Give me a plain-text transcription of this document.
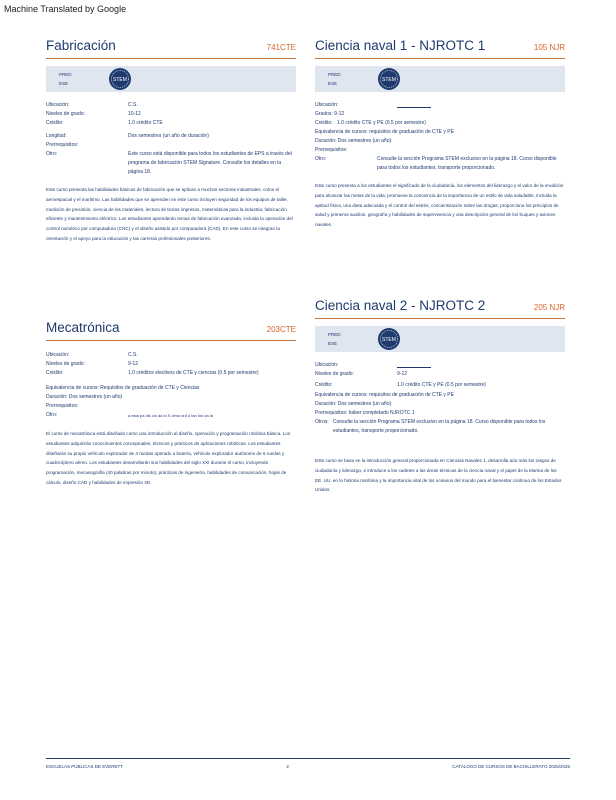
Machine Translated by Google
Fabricación	741CTE
PRED
ESE
STEM
Ubicación:	C.S.
Niveles de grado:	10-12
Crédito:	1.0 crédito CTE
Longitud:	Dos semestres (un año de duración)
Prerrequisitos:
Otro:	Este curso está disponible para todos los estudiantes de EPS a través del programa de fabricación STEM Signature. Consulte los detalles en la página 18.
Este curso presenta las habilidades básicas de fabricación que se aplican a muchos sectores industriales, como el aeroespacial y el marítimo. Las habilidades que se aprenden en este curso incluyen seguridad de los equipos de taller, medición de precisión, ciencia de los materiales, lectura de textos impresos, matemáticas para la industria, fabricación eficiente y mantenimiento eléctrico. Los estudiantes aprenderán temas de fabricación avanzada, incluida la operación del control numérico por computadora (CNC) y el diseño asistido por computadora (CAD). En este curso se integran la orientación y el apoyo para la educación y las carreras profesionales posteriores.
Mecatrónica	203CTE
Ubicación:	C.S.
Niveles de grado:	9-12
Crédito:	1.0 créditos electivos de CTE y ciencias (0.5 por semestre)
Equivalencia de cursos: Requisitos de graduación de CTE y Ciencias
Duración: Dos semestres (un año)
Prerrequisitos:
Otro:	a esta pa dis ció da lo S ximo ord ó lan ión da la
El curso de mecatrónica está diseñado como una introducción al diseño, operación y programación robótica básica. Los estudiantes adquirirán conocimientos conceptuales, técnicos y prácticos de aplicaciones robóticas. Los estudiantes diseñarán su propio vehículo explorador de 4 ruedas operado a batería, vehículo explorador autónomo de 6 ruedas y cuadricóptero aéreo. Los estudiantes desarrollarán sus habilidades del siglo XXI durante el curso, incluyendo programación, mecanografía (40 palabras por minuto), prácticas de ingeniería, habilidades de comunicación, hojas de cálculo, diseño CAD y habilidades de impresión 3D.
Ciencia naval 1 - NJROTC 1	105 NJR
PRED
ESE
STEM
Ubicación:
Grados: 9-12
Crédito: 1.0 crédito CTE y PE (0.5 por semestre)
Equivalencia de cursos: requisitos de graduación de CTE y PE
Duración: Dos semestres (un año)
Prerrequisitos:
Otro:	Consulte la sección Programa STEM exclusivo en la página 18. Curso disponible para todos los estudiantes, transporte proporcionado.
Este curso presenta a los estudiantes el significado de la ciudadanía, los elementos del liderazgo y el valor de la erudición para alcanzar las metas de la vida; promueve la conciencia de la importancia de un estilo de vida saludable, incluida la aptitud física, una dieta adecuada y el control del estrés, concientización sobre las drogas; proporciona los principios de salud y primeros auxilios, geografía y habilidades de supervivencia y una descripción general de los buques y aviones navales.
Ciencia naval 2 - NJROTC 2	205 NJR
PRED
ESE
STEM
Ubicación:
Niveles de grado:	9-12
Crédito:	1.0 crédito CTE y PE (0.5 por semestre)
Equivalencia de cursos: requisitos de graduación de CTE y PE
Duración: Dos semestres (un año)
Prerrequisitos: haber completado NJROTC 1
Otros: Consulte la sección Programa STEM exclusivo en la página 18. Curso disponible para todos los estudiantes, transporte proporcionado.
Este curso se basa en la introducción general proporcionada en Ciencias Navales 1, desarrolla aún más los rasgos de ciudadanía y liderazgo, e introduce a los cadetes a las áreas técnicas de la ciencia naval y el papel de la Marina de los EE. UU. en la historia marítima y la importancia vital de los océanos del mundo para el bienestar continuo de los Estados Unidos.
ESCUELAS PÚBLICAS DE EVERETT	2	CATÁLOGO DE CURSOS DE BACHILLERATO 2025/2026
